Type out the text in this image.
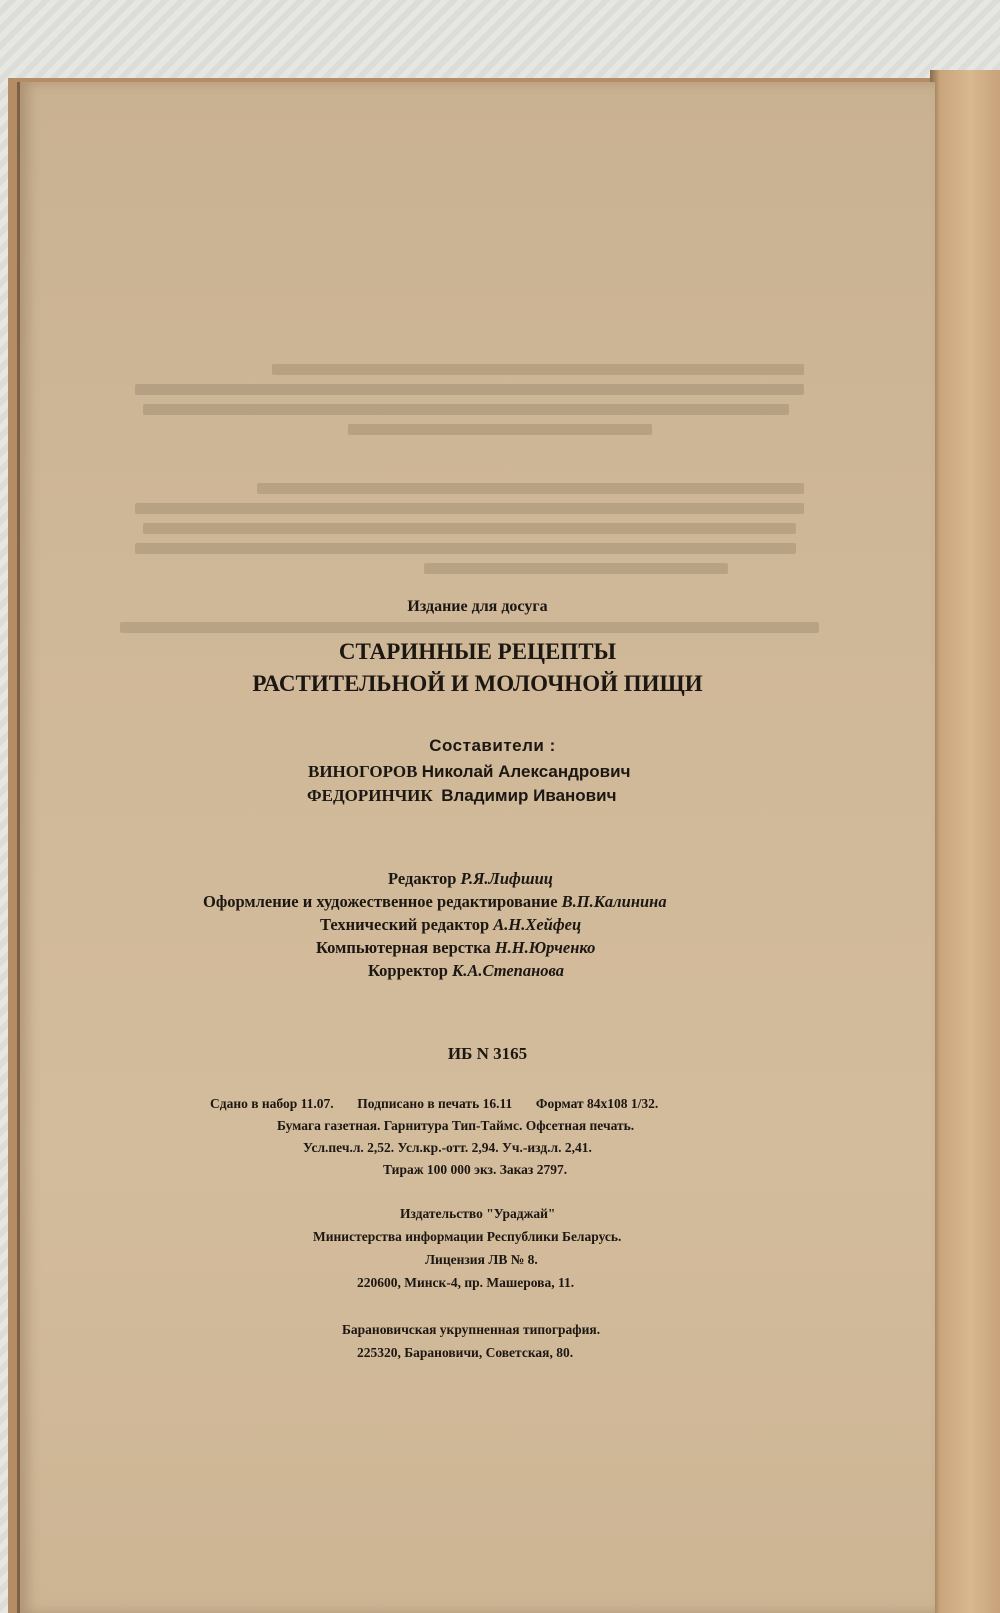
Издание для досуга
СТАРИННЫЕ РЕЦЕПТЫ
РАСТИТЕЛЬНОЙ И МОЛОЧНОЙ ПИЩИ
Составители :
ВИНОГОРОВ Николай Александрович
ФЕДОРИНЧИК Владимир Иванович
Редактор Р.Я.Лифшиц
Оформление и художественное редактирование В.П.Калинина
Технический редактор А.Н.Хейфец
Компьютерная верстка Н.Н.Юрченко
Корректор К.А.Степанова
ИБ N 3165
Сдано в набор 11.07. Подписано в печать 16.11 Формат 84x108 1/32.
Бумага газетная. Гарнитура Тип-Таймс. Офсетная печать.
Усл.печ.л. 2,52. Усл.кр.-отт. 2,94. Уч.-изд.л. 2,41.
Тираж 100 000 экз. Заказ 2797.
Издательство "Ураджай"
Министерства информации Республики Беларусь.
Лицензия ЛВ № 8.
220600, Минск-4, пр. Машерова, 11.
Барановичская укрупненная типография.
225320, Барановичи, Советская, 80.
